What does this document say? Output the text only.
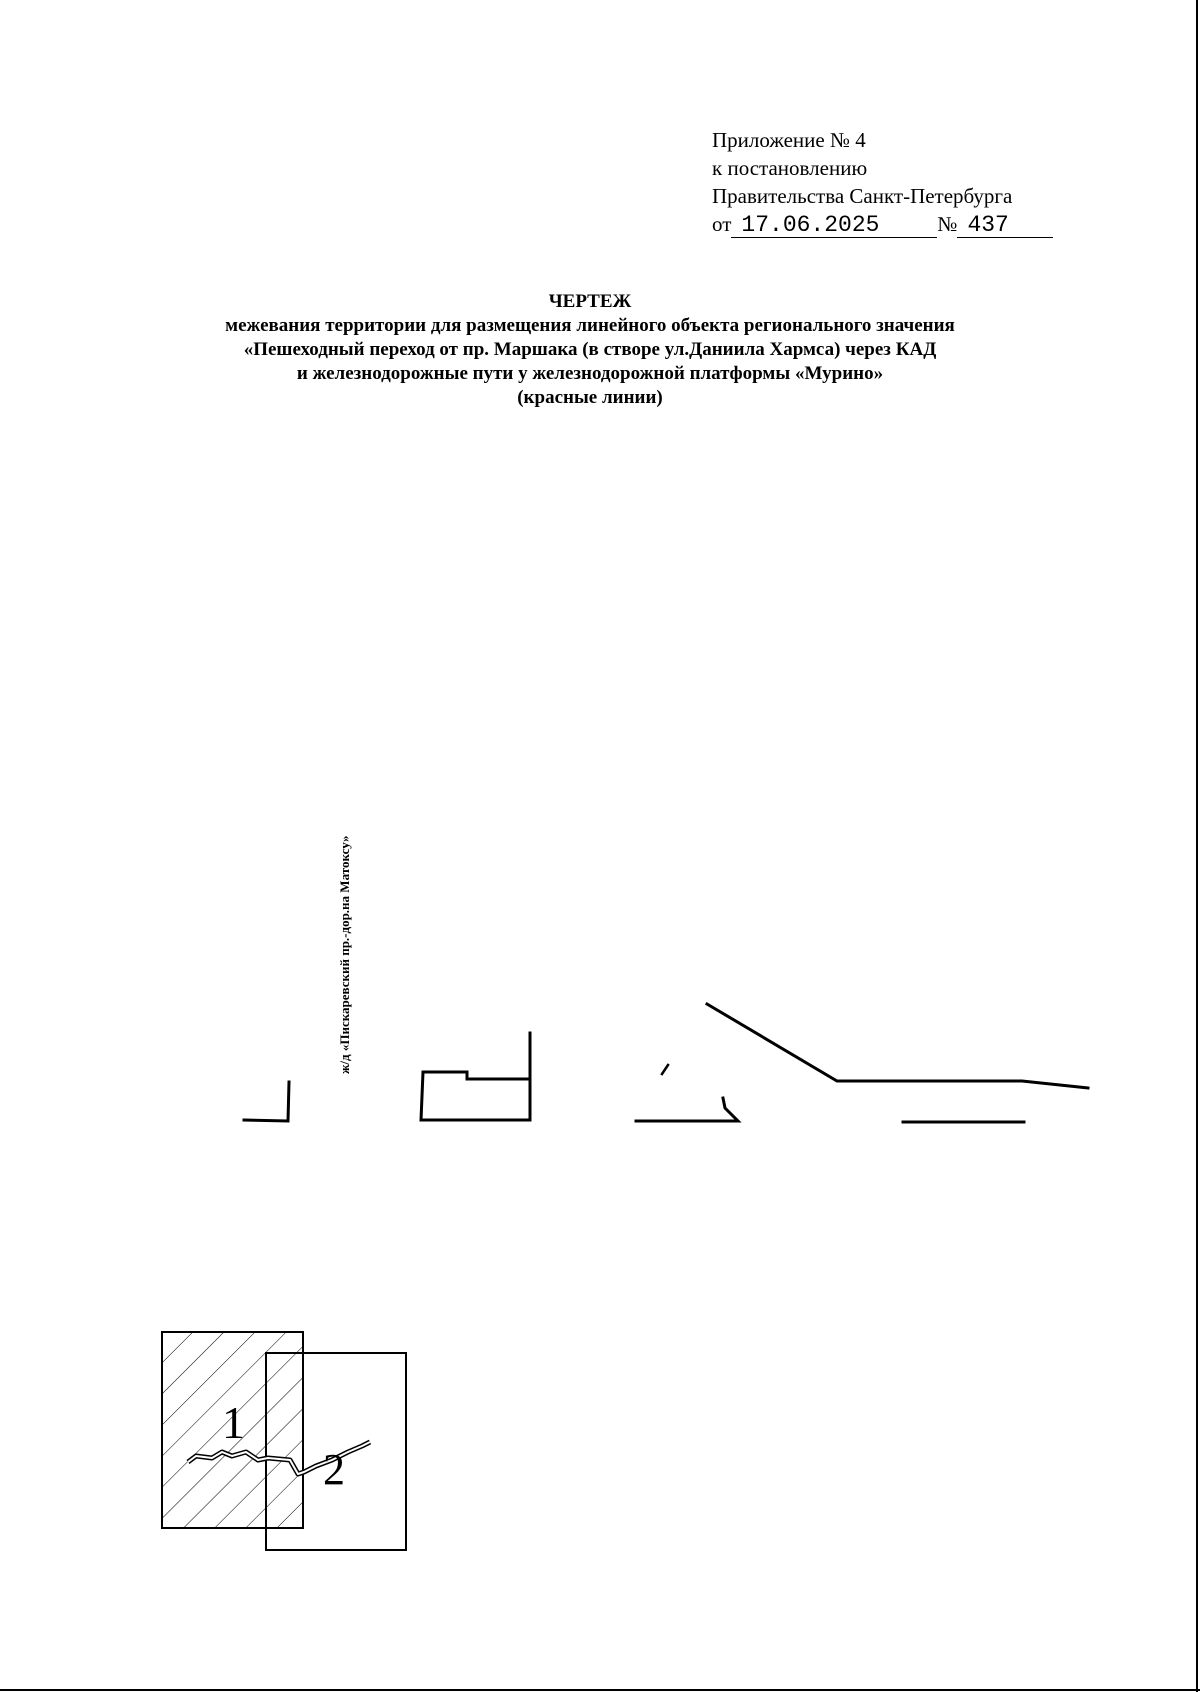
Приложение № 4
к постановлению
Правительства Санкт-Петербурга
от 17.06.2025	№ 437
ЧЕРТЕЖ
межевания территории для размещения линейного объекта регионального значения
«Пешеходный переход от пр. Маршака (в створе ул.Даниила Хармса) через КАД
и железнодорожные пути у железнодорожной платформы «Мурино»
(красные линии)
ж/д «Пискаревский пр.-дор.на Матоксу»
1
2
